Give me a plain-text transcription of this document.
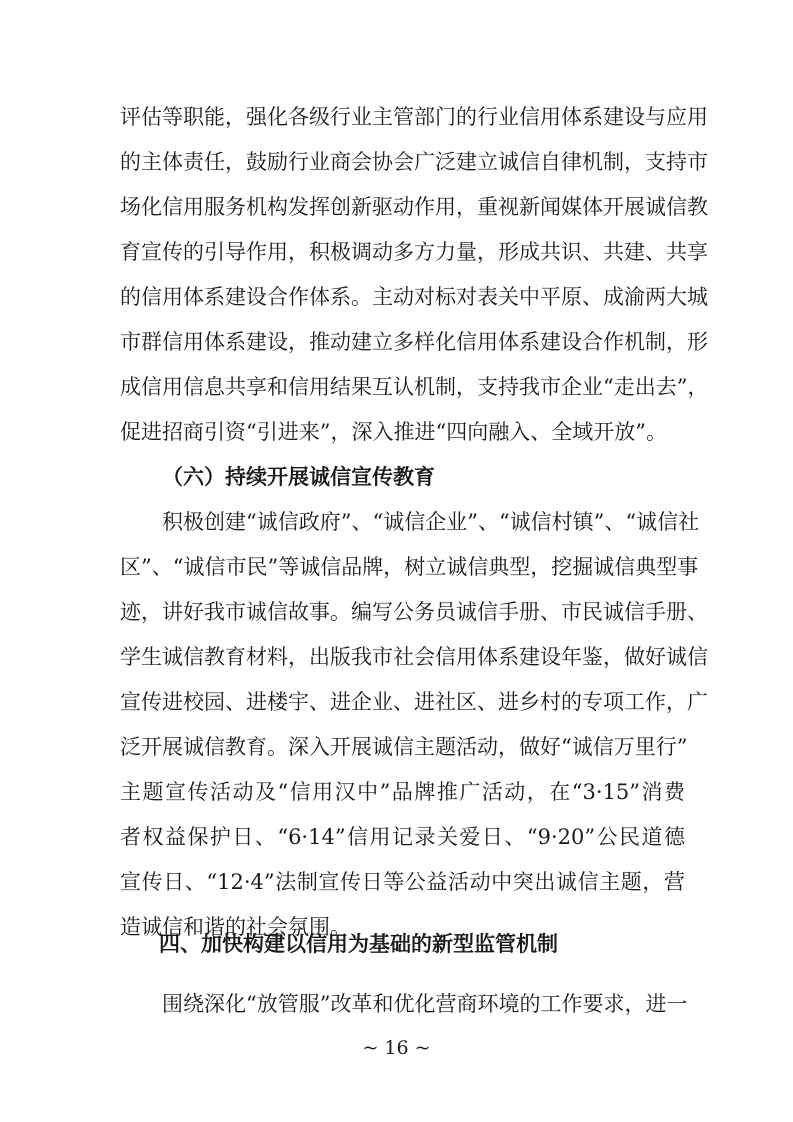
评估等职能，强化各级行业主管部门的行业信用体系建设与应用
的主体责任，鼓励行业商会协会广泛建立诚信自律机制，支持市
场化信用服务机构发挥创新驱动作用，重视新闻媒体开展诚信教
育宣传的引导作用，积极调动多方力量，形成共识、共建、共享
的信用体系建设合作体系。主动对标对表关中平原、成渝两大城
市群信用体系建设，推动建立多样化信用体系建设合作机制，形
成信用信息共享和信用结果互认机制，支持我市企业“走出去”，
促进招商引资“引进来”，深入推进“四向融入、全域开放”。
（六）持续开展诚信宣传教育
积极创建“诚信政府”、“诚信企业”、“诚信村镇”、“诚信社
区”、“诚信市民”等诚信品牌，树立诚信典型，挖掘诚信典型事
迹，讲好我市诚信故事。编写公务员诚信手册、市民诚信手册、
学生诚信教育材料，出版我市社会信用体系建设年鉴，做好诚信
宣传进校园、进楼宇、进企业、进社区、进乡村的专项工作，广
泛开展诚信教育。深入开展诚信主题活动，做好“诚信万里行”
主题宣传活动及“信用汉中”品牌推广活动，在“3·15”消费
者权益保护日、“6·14”信用记录关爱日、“9·20”公民道德
宣传日、“12·4”法制宣传日等公益活动中突出诚信主题，营
造诚信和谐的社会氛围。
四、加快构建以信用为基础的新型监管机制
围绕深化“放管服”改革和优化营商环境的工作要求，进一
~ 16 ~
